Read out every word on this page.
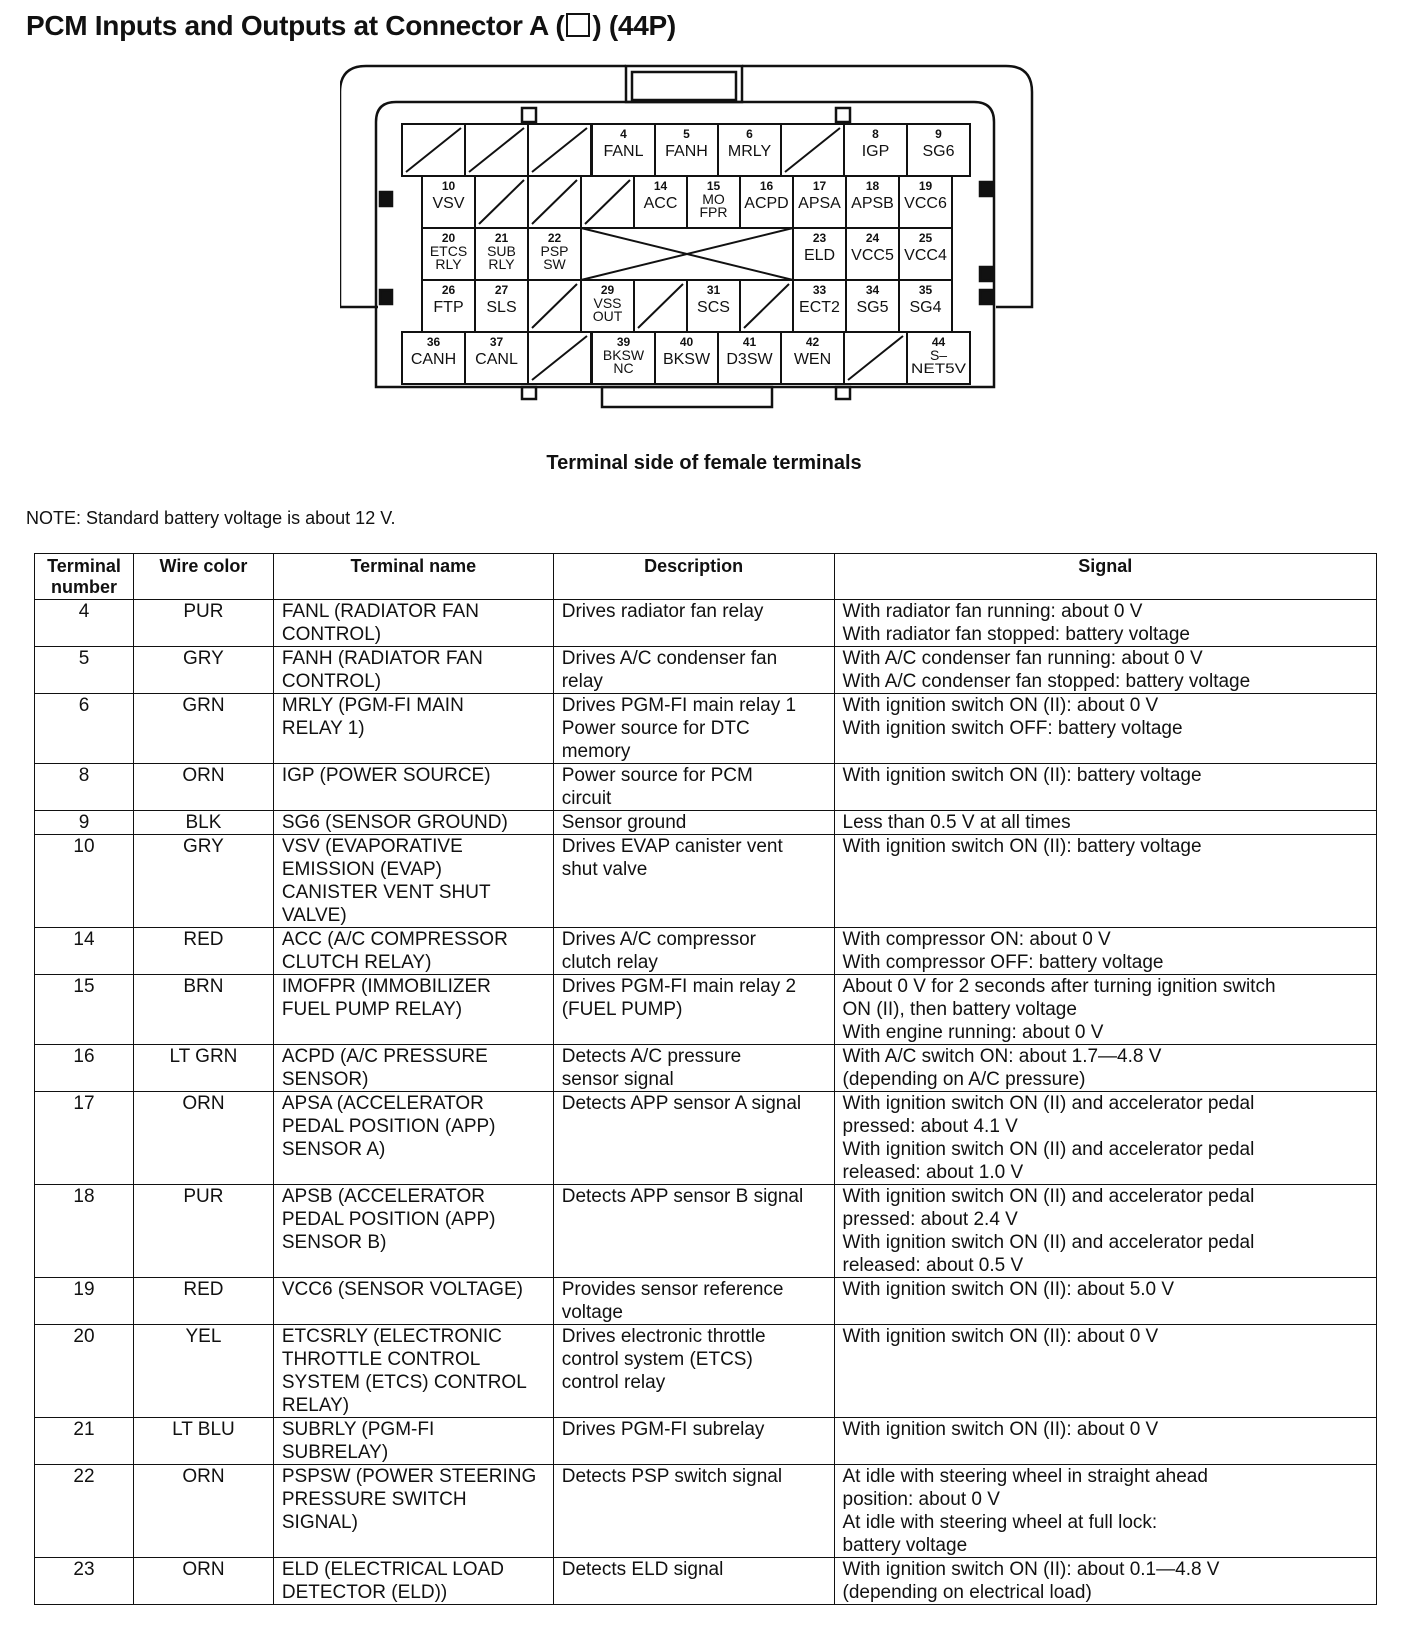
PCM Inputs and Outputs at Connector A ( ) (44P)
4
FANL
5
FANH
6
MRLY
8
IGP
9
SG6
10
VSV
14
ACC
15
MO
FPR
16
ACPD
17
APSA
18
APSB
19
VCC6
20
ETCS
RLY
21
SUB
RLY
22
PSP
SW
23
ELD
24
VCC5
25
VCC4
26
FTP
27
SLS
29
VSS
OUT
31
SCS
33
ECT2
34
SG5
35
SG4
36
CANH
37
CANL
39
BKSW
NC
40
BKSW
41
D3SW
42
WEN
44
S–
NET5V
Terminal side of female terminals
NOTE: Standard battery voltage is about 12 V.
Terminal number	Wire color	Terminal name	Description	Signal
4	PUR	FANL (RADIATOR FAN
CONTROL)	Drives radiator fan relay	With radiator fan running: about 0 V
With radiator fan stopped: battery voltage

5	GRY	FANH (RADIATOR FAN
CONTROL)	Drives A/C condenser fan
relay	With A/C condenser fan running: about 0 V
With A/C condenser fan stopped: battery voltage

6	GRN	MRLY (PGM-FI MAIN
RELAY 1)	Drives PGM-FI main relay 1
Power source for DTC
memory	With ignition switch ON (II): about 0 V
With ignition switch OFF: battery voltage

8	ORN	IGP (POWER SOURCE)	Power source for PCM
circuit	With ignition switch ON (II): battery voltage

9	BLK	SG6 (SENSOR GROUND)	Sensor ground	Less than 0.5 V at all times

10	GRY	VSV (EVAPORATIVE
EMISSION (EVAP)
CANISTER VENT SHUT
VALVE)	Drives EVAP canister vent
shut valve	With ignition switch ON (II): battery voltage

14	RED	ACC (A/C COMPRESSOR
CLUTCH RELAY)	Drives A/C compressor
clutch relay	With compressor ON: about 0 V
With compressor OFF: battery voltage

15	BRN	IMOFPR (IMMOBILIZER
FUEL PUMP RELAY)	Drives PGM-FI main relay 2
(FUEL PUMP)	About 0 V for 2 seconds after turning ignition switch
ON (II), then battery voltage
With engine running: about 0 V

16	LT GRN	ACPD (A/C PRESSURE
SENSOR)	Detects A/C pressure
sensor signal	With A/C switch ON: about 1.7—4.8 V
(depending on A/C pressure)

17	ORN	APSA (ACCELERATOR
PEDAL POSITION (APP)
SENSOR A)	Detects APP sensor A signal	With ignition switch ON (II) and accelerator pedal
pressed: about 4.1 V
With ignition switch ON (II) and accelerator pedal
released: about 1.0 V

18	PUR	APSB (ACCELERATOR
PEDAL POSITION (APP)
SENSOR B)	Detects APP sensor B signal	With ignition switch ON (II) and accelerator pedal
pressed: about 2.4 V
With ignition switch ON (II) and accelerator pedal
released: about 0.5 V

19	RED	VCC6 (SENSOR VOLTAGE)	Provides sensor reference
voltage	With ignition switch ON (II): about 5.0 V

20	YEL	ETCSRLY (ELECTRONIC
THROTTLE CONTROL
SYSTEM (ETCS) CONTROL
RELAY)	Drives electronic throttle
control system (ETCS)
control relay	With ignition switch ON (II): about 0 V

21	LT BLU	SUBRLY (PGM-FI
SUBRELAY)	Drives PGM-FI subrelay	With ignition switch ON (II): about 0 V

22	ORN	PSPSW (POWER STEERING
PRESSURE SWITCH
SIGNAL)	Detects PSP switch signal	At idle with steering wheel in straight ahead
position: about 0 V
At idle with steering wheel at full lock:
battery voltage

23	ORN	ELD (ELECTRICAL LOAD
DETECTOR (ELD))	Detects ELD signal	With ignition switch ON (II): about 0.1—4.8 V
(depending on electrical load)
